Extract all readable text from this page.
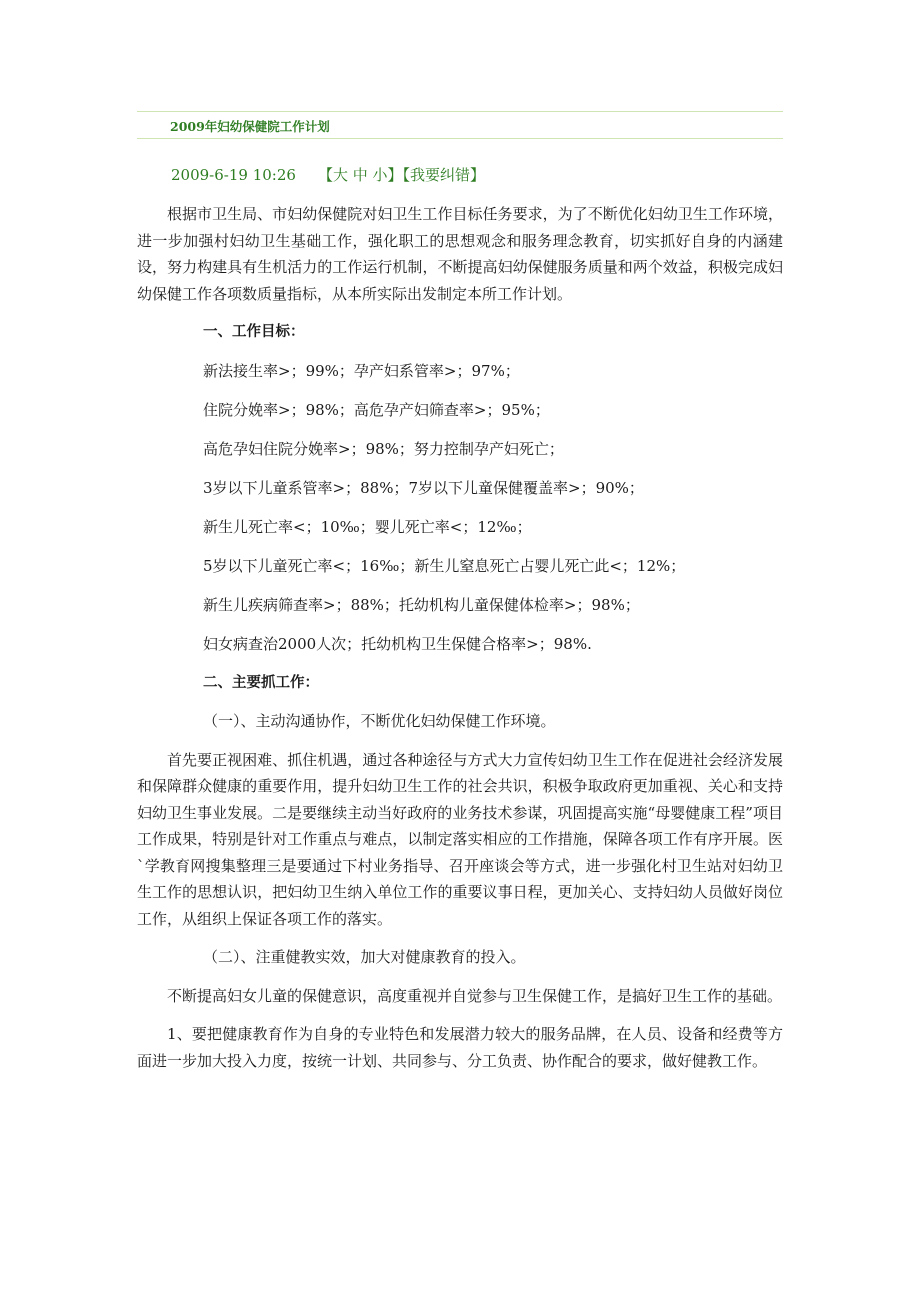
2009年妇幼保健院工作计划
2009-6-19 10:26 【大 中 小】【我要纠错】

根据市卫生局、市妇幼保健院对妇卫生工作目标任务要求，为了不断优化妇幼卫生工作环境，进一步加强村妇幼卫生基础工作，强化职工的思想观念和服务理念教育，切实抓好自身的内涵建设，努力构建具有生机活力的工作运行机制，不断提高妇幼保健服务质量和两个效益，积极完成妇幼保健工作各项数质量指标，从本所实际出发制定本所工作计划。

一、工作目标：

新法接生率>；99%；孕产妇系管率>；97%；

住院分娩率>；98%；高危孕产妇筛查率>；95%；

高危孕妇住院分娩率>；98%；努力控制孕产妇死亡；

3岁以下儿童系管率>；88%；7岁以下儿童保健覆盖率>；90%；

新生儿死亡率<；10‰；婴儿死亡率<；12‰；

5岁以下儿童死亡率<；16‰；新生儿窒息死亡占婴儿死亡此<；12%；

新生儿疾病筛查率>；88%；托幼机构儿童保健体检率>；98%；

妇女病查治2000人次；托幼机构卫生保健合格率>；98%.

二、主要抓工作：

（一）、主动沟通协作，不断优化妇幼保健工作环境。

首先要正视困难、抓住机遇，通过各种途径与方式大力宣传妇幼卫生工作在促进社会经济发展和保障群众健康的重要作用，提升妇幼卫生工作的社会共识，积极争取政府更加重视、关心和支持妇幼卫生事业发展。二是要继续主动当好政府的业务技术参谋，巩固提高实施“母婴健康工程”项目工作成果，特别是针对工作重点与难点，以制定落实相应的工作措施，保障各项工作有序开展。医`学教育网搜集整理三是要通过下村业务指导、召开座谈会等方式，进一步强化村卫生站对妇幼卫生工作的思想认识，把妇幼卫生纳入单位工作的重要议事日程，更加关心、支持妇幼人员做好岗位工作，从组织上保证各项工作的落实。

（二）、注重健教实效，加大对健康教育的投入。

不断提高妇女儿童的保健意识，高度重视并自觉参与卫生保健工作，是搞好卫生工作的基础。

1、要把健康教育作为自身的专业特色和发展潜力较大的服务品牌，在人员、设备和经费等方面进一步加大投入力度，按统一计划、共同参与、分工负责、协作配合的要求，做好健教工作。
